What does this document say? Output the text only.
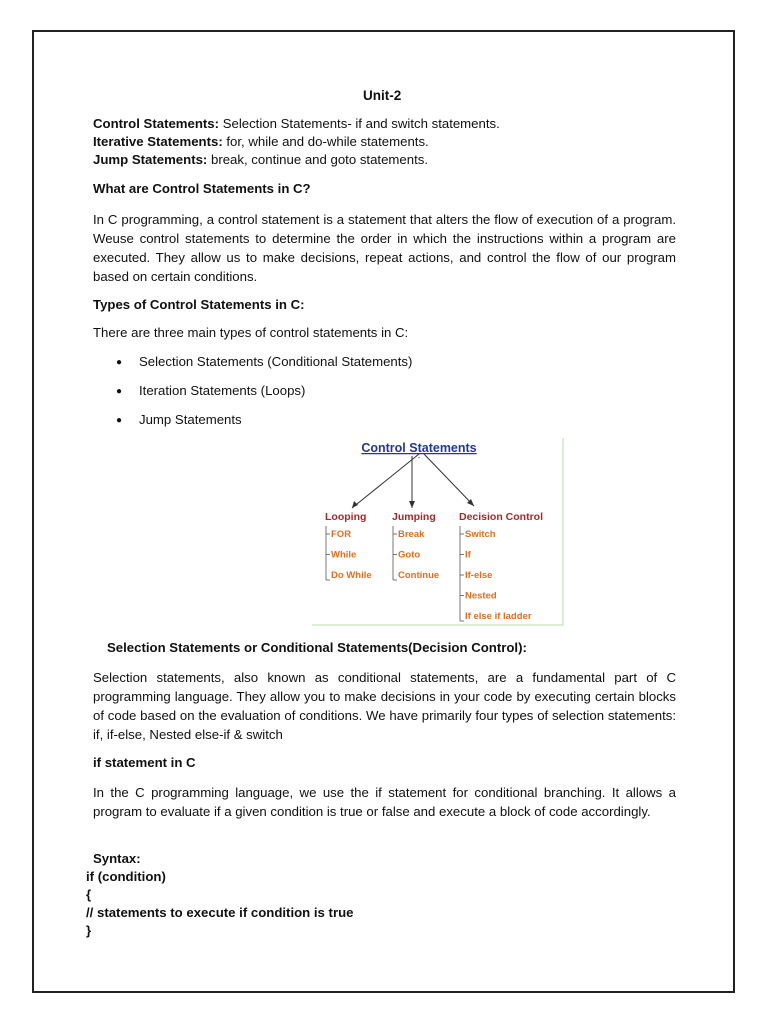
Unit-2
Control Statements: Selection Statements- if and switch statements.
Iterative Statements: for, while and do-while statements.
Jump Statements: break, continue and goto statements.
What are Control Statements in C?
In C programming, a control statement is a statement that alters the flow of execution of a program. Weuse control statements to determine the order in which the instructions within a program are executed. They allow us to make decisions, repeat actions, and control the flow of our program based on certain conditions.
Types of Control Statements in C:
There are three main types of control statements in C:
● Selection Statements (Conditional Statements)
● Iteration Statements (Loops)
● Jump Statements
Control Statements
Looping Jumping Decision Control
FOR
While
Do While
Break
Goto
Continue
Switch
If
If-else
Nested
If else if ladder
Selection Statements or Conditional Statements(Decision Control):
Selection statements, also known as conditional statements, are a fundamental part of C programming language. They allow you to make decisions in your code by executing certain blocks of code based on the evaluation of conditions. We have primarily four types of selection statements: if, if-else, Nested else-if & switch
if statement in C
In the C programming language, we use the if statement for conditional branching. It allows a program to evaluate if a given condition is true or false and execute a block of code accordingly.
Syntax:
if (condition)
{
// statements to execute if condition is true
}
